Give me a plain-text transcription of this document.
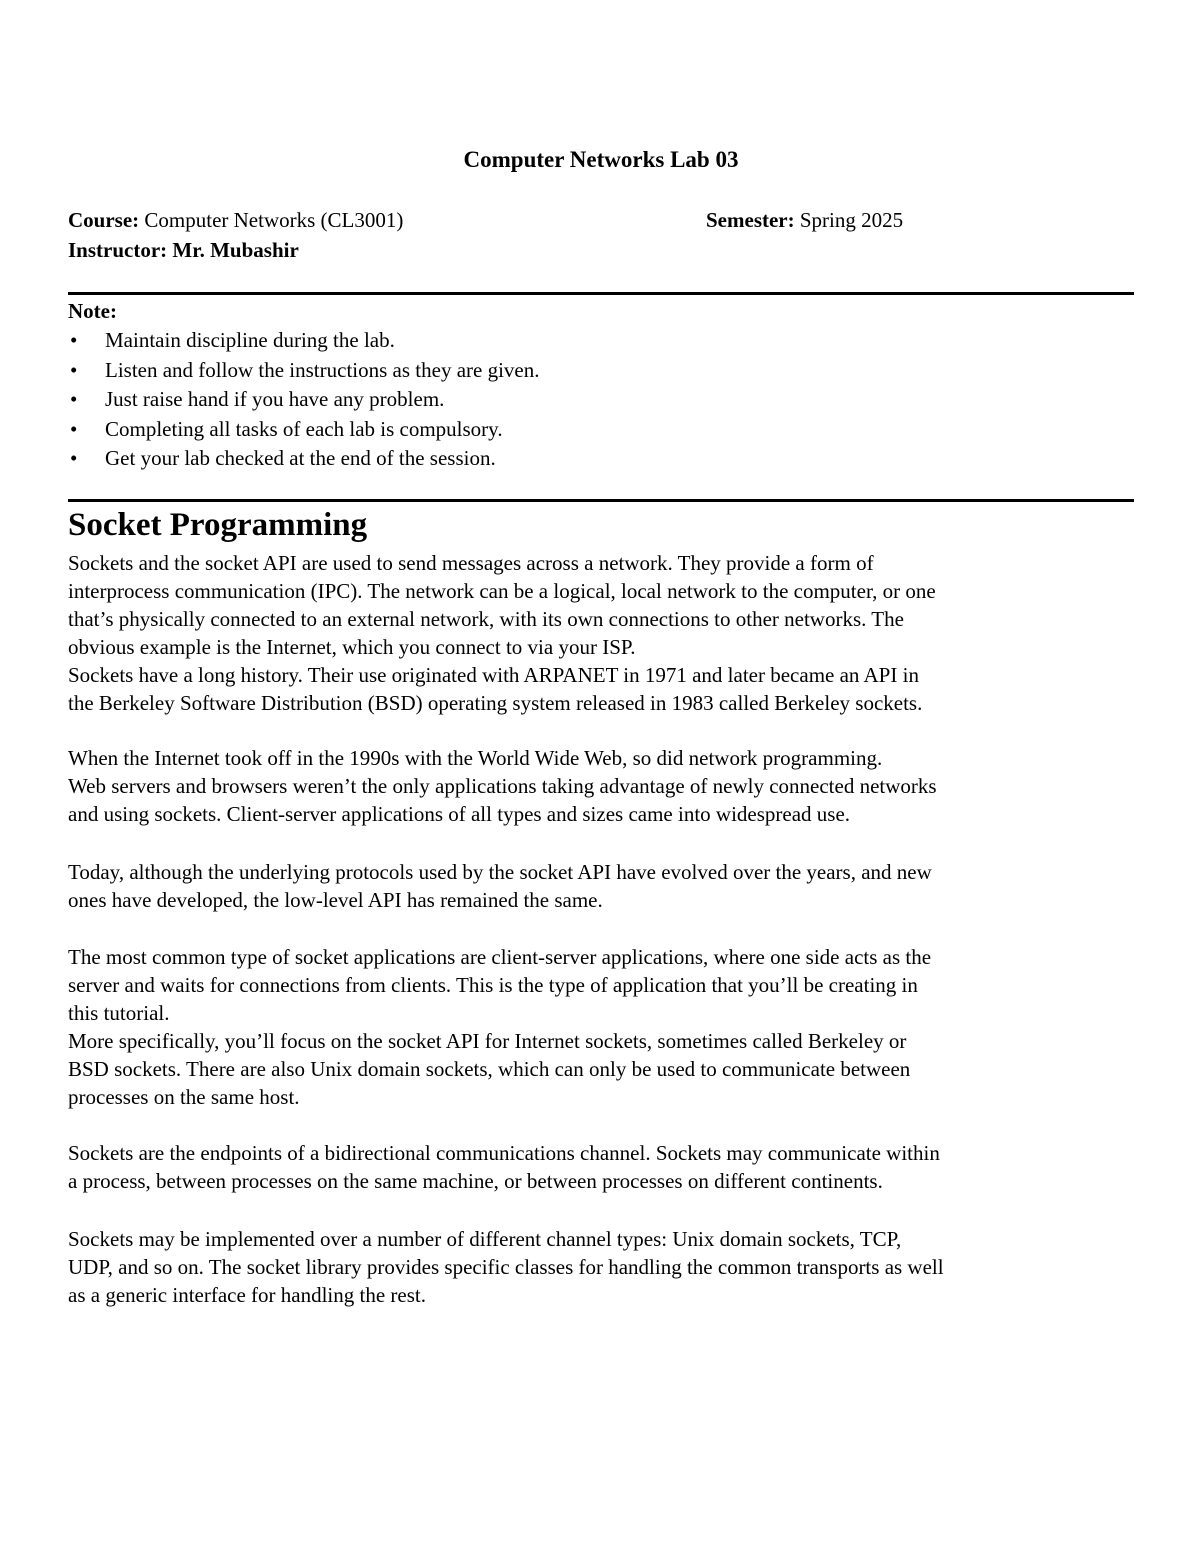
Computer Networks Lab 03
Course: Computer Networks (CL3001)	Semester: Spring 2025
Instructor: Mr. Mubashir
Note:
• Maintain discipline during the lab.
• Listen and follow the instructions as they are given.
• Just raise hand if you have any problem.
• Completing all tasks of each lab is compulsory.
• Get your lab checked at the end of the session.
Socket Programming

Sockets and the socket API are used to send messages across a network. They provide a form of
interprocess communication (IPC). The network can be a logical, local network to the computer, or one
that’s physically connected to an external network, with its own connections to other networks. The
obvious example is the Internet, which you connect to via your ISP.
Sockets have a long history. Their use originated with ARPANET in 1971 and later became an API in
the Berkeley Software Distribution (BSD) operating system released in 1983 called Berkeley sockets.

When the Internet took off in the 1990s with the World Wide Web, so did network programming.
Web servers and browsers weren’t the only applications taking advantage of newly connected networks
and using sockets. Client-server applications of all types and sizes came into widespread use.

Today, although the underlying protocols used by the socket API have evolved over the years, and new
ones have developed, the low-level API has remained the same.

The most common type of socket applications are client-server applications, where one side acts as the
server and waits for connections from clients. This is the type of application that you’ll be creating in
this tutorial.
More specifically, you’ll focus on the socket API for Internet sockets, sometimes called Berkeley or
BSD sockets. There are also Unix domain sockets, which can only be used to communicate between
processes on the same host.

Sockets are the endpoints of a bidirectional communications channel. Sockets may communicate within
a process, between processes on the same machine, or between processes on different continents.

Sockets may be implemented over a number of different channel types: Unix domain sockets, TCP,
UDP, and so on. The socket library provides specific classes for handling the common transports as well
as a generic interface for handling the rest.
